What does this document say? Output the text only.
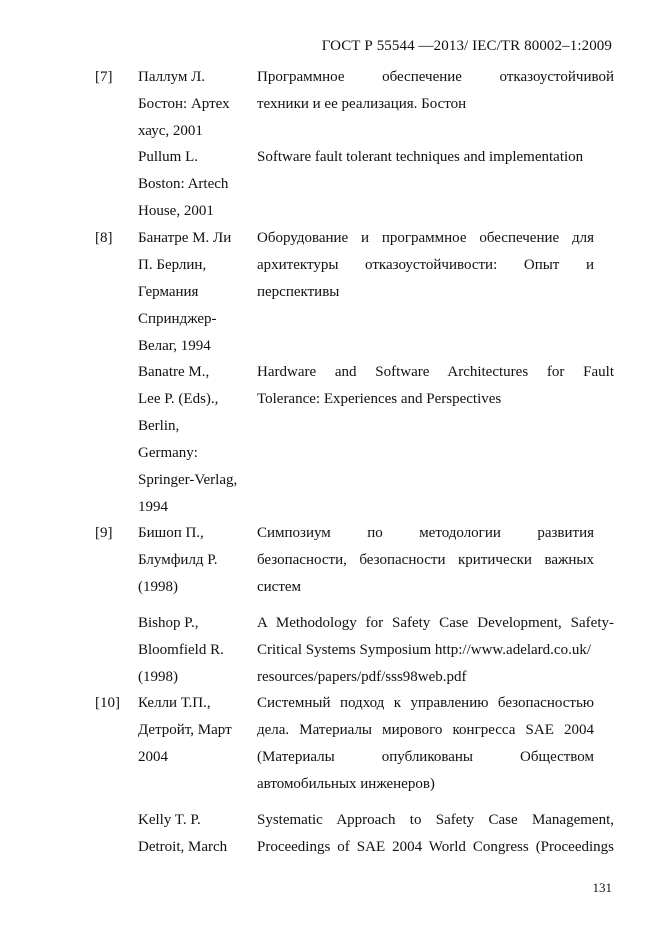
ГОСТ Р 55544 —2013/ IEC/TR 80002–1:2009
[7] Паллум Л.
Бостон: Артех
хаус, 2001
Программное обеспечение отказоустойчивой
техники и ее реализация. Бостон
Pullum L.
Boston: Artech
House, 2001
Software fault tolerant techniques and implementation
[8] Банатре М. Ли
П. Берлин,
Германия
Спринджер-
Велаг, 1994
Оборудование и программное обеспечение для
архитектуры отказоустойчивости: Опыт и
перспективы
Banatre M.,
Lee P. (Eds).,
Berlin,
Germany:
Springer-Verlag,
1994
Hardware and Software Architectures for Fault
Tolerance: Experiences and Perspectives
[9] Бишоп П.,
Блумфилд Р.
(1998)
Симпозиум по методологии развития
безопасности, безопасности критически важных
систем
Bishop P.,
Bloomfield R.
(1998)
A Methodology for Safety Case Development, Safety-
Critical Systems Symposium http://www.adelard.co.uk/
resources/papers/pdf/sss98web.pdf
[10] Келли Т.П.,
Детройт, Март
2004
Системный подход к управлению безопасностью
дела. Материалы мирового конгресса SAE 2004
(Материалы опубликованы Обществом
автомобильных инженеров)
Kelly T. P.
Detroit, March
Systematic Approach to Safety Case Management,
Proceedings of SAE 2004 World Congress (Proceedings
131
